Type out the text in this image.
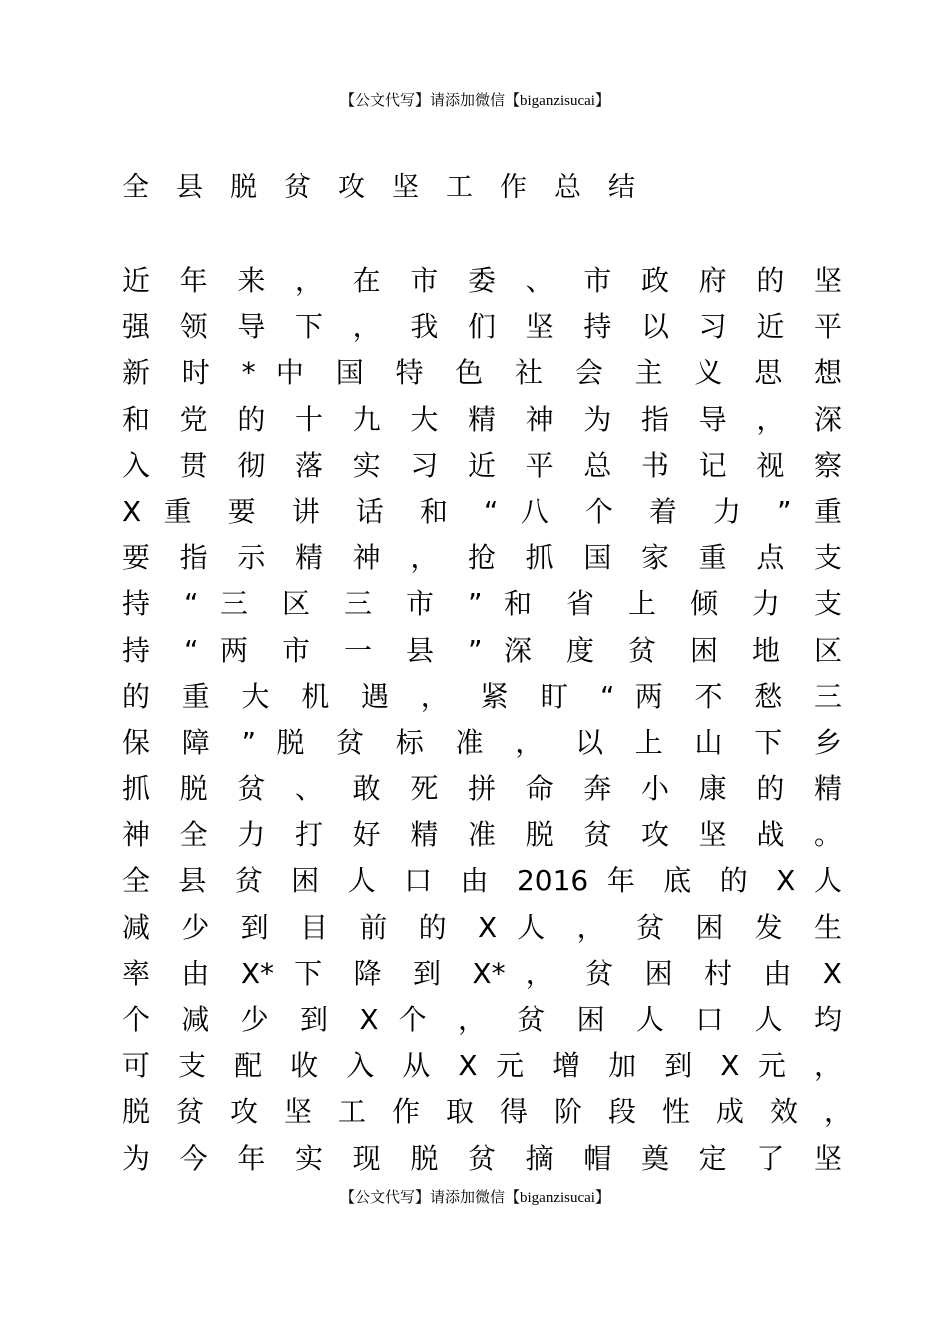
【公文代写】请添加微信【biganzisucai】
全县脱贫攻坚工作总结
近 年 来 ， 在 市 委 、 市 政 府 的 坚
强 领 导 下 ， 我 们 坚 持 以 习 近 平
新 时 * 中 国 特 色 社 会 主 义 思 想
和 党 的 十 九 大 精 神 为 指 导 ， 深
入 贯 彻 落 实 习 近 平 总 书 记 视 察
X 重 要 讲 话 和 “ 八 个 着 力 ” 重
要 指 示 精 神 ， 抢 抓 国 家 重 点 支
持 “ 三 区 三 市 ” 和 省 上 倾 力 支
持 “ 两 市 一 县 ” 深 度 贫 困 地 区
的 重 大 机 遇 ， 紧 盯 “ 两 不 愁 三
保 障 ” 脱 贫 标 准 ， 以 上 山 下 乡
抓 脱 贫 、 敢 死 拼 命 奔 小 康 的 精
神 全 力 打 好 精 准 脱 贫 攻 坚 战 。
全 县 贫 困 人 口 由 2016 年 底 的 X 人
减 少 到 目 前 的 X 人 ， 贫 困 发 生
率 由 X* 下 降 到 X* ， 贫 困 村 由 X
个 减 少 到 X 个 ， 贫 困 人 口 人 均
可 支 配 收 入 从 X 元 增 加 到 X 元 ，
脱 贫 攻 坚 工 作 取 得 阶 段 性 成 效 ，
为 今 年 实 现 脱 贫 摘 帽 奠 定 了 坚
【公文代写】请添加微信【biganzisucai】
